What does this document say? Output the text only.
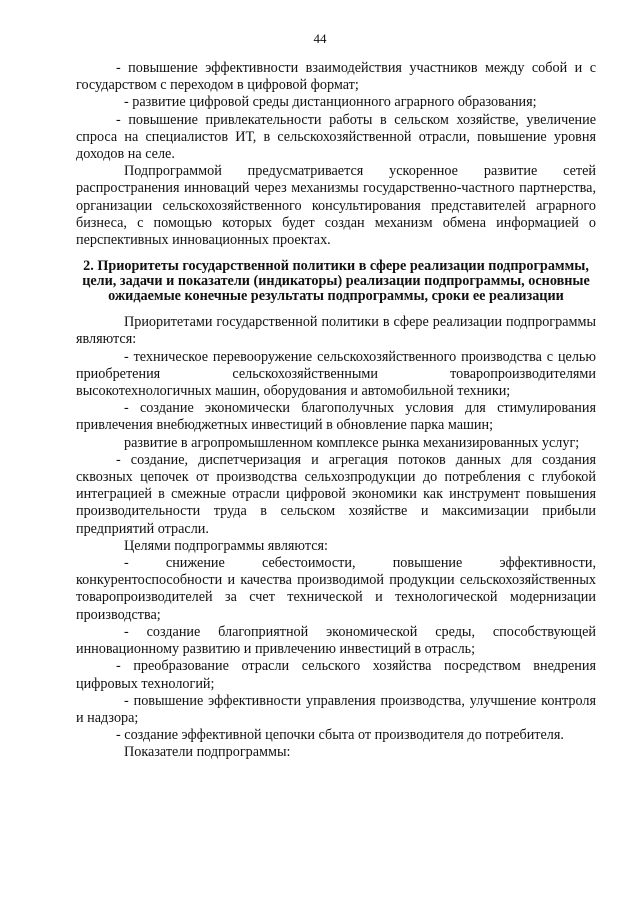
44

- повышение эффективности взаимодействия участников между собой и с государством с переходом в цифровой формат;

- развитие цифровой среды дистанционного аграрного образования;

- повышение привлекательности работы в сельском хозяйстве, увеличение спроса на специалистов ИТ, в сельскохозяйственной отрасли, повышение уровня доходов на селе.

Подпрограммой предусматривается ускоренное развитие сетей распространения инноваций через механизмы государственно-частного партнерства, организации сельскохозяйственного консультирования представителей аграрного бизнеса, с помощью которых будет создан механизм обмена информацией о перспективных инновационных проектах.

2. Приоритеты государственной политики в сфере реализации подпрограммы, цели, задачи и показатели (индикаторы) реализации подпрограммы, основные ожидаемые конечные результаты подпрограммы, сроки ее реализации

Приоритетами государственной политики в сфере реализации подпрограммы являются:

- техническое перевооружение сельскохозяйственного производства с целью приобретения сельскохозяйственными товаропроизводителями высокотехнологичных машин, оборудования и автомобильной техники;

- создание экономически благополучных условия для стимулирования привлечения внебюджетных инвестиций в обновление парка машин;

развитие в агропромышленном комплексе рынка механизированных услуг;

- создание, диспетчеризация и агрегация потоков данных для создания сквозных цепочек от производства сельхозпродукции до потребления с глубокой интеграцией в смежные отрасли цифровой экономики как инструмент повышения производительности труда в сельском хозяйстве и максимизации прибыли предприятий отрасли.

Целями подпрограммы являются:

- снижение себестоимости, повышение эффективности, конкурентоспособности и качества производимой продукции сельскохозяйственных товаропроизводителей за счет технической и технологической модернизации производства;

- создание благоприятной экономической среды, способствующей инновационному развитию и привлечению инвестиций в отрасль;

- преобразование отрасли сельского хозяйства посредством внедрения цифровых технологий;

- повышение эффективности управления производства, улучшение контроля и надзора;

- создание эффективной цепочки сбыта от производителя до потребителя.

Показатели подпрограммы:
